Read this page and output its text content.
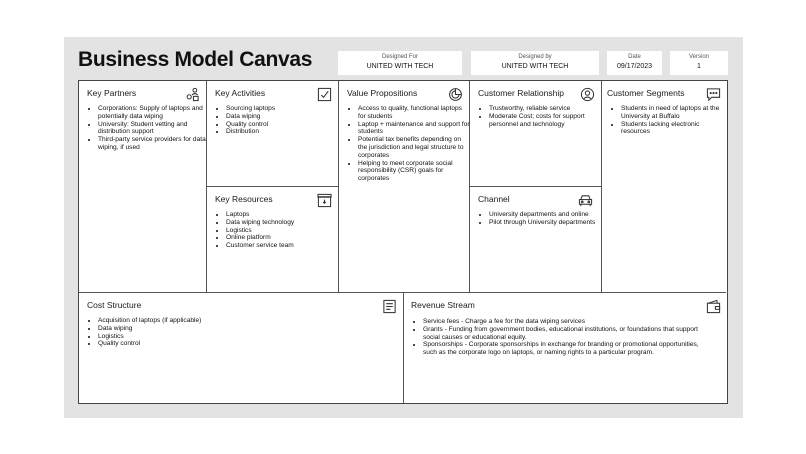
Business Model Canvas	Designed For
UNITED WITH TECH
Designed by
UNITED WITH TECH
Date
09/17/2023
Version
1
Key Partners
• Corporations: Supply of laptops and potentially data wiping
• University: Student vetting and distribution support
• Third-party service providers for data wiping, if used
Key Activities
• Sourcing laptops
• Data wiping
• Quality control
• Distribution
Key Resources
• Laptops
• Data wiping technology
• Logistics
• Online platform
• Customer service team
Value Propositions
• Access to quality, functional laptops for students
• Laptop + maintenance and support for students
• Potential tax benefits depending on the jurisdiction and legal structure to corporates
• Helping to meet corporate social responsibility (CSR) goals for corporates
Customer Relationship
• Trustworthy, reliable service
• Moderate Cost; costs for support personnel and technology
Channel
• University departments and online
• Pilot through University departments
Customer Segments
• Students in need of laptops at the University at Buffalo
• Students lacking electronic resources
Cost Structure
• Acquisition of laptops (if applicable)
• Data wiping
• Logistics
• Quality control
Revenue Stream
• Service fees - Charge a fee for the data wiping services
• Grants - Funding from government bodies, educational institutions, or foundations that support social causes or educational equity.
• Sponsorships - Corporate sponsorships in exchange for branding or promotional opportunities, such as the corporate logo on laptops, or naming rights to a particular program.
